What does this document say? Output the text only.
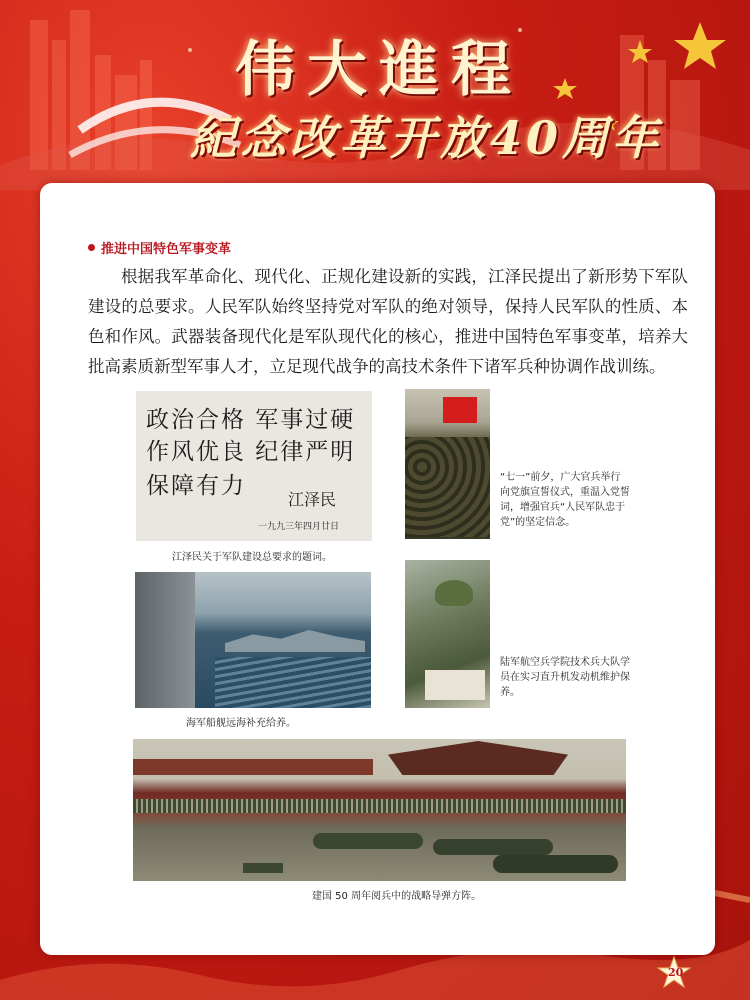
伟大進程
紀念改革开放40周年
推进中国特色军事变革

根据我军革命化、现代化、正规化建设新的实践，江泽民提出了新形势下军队建设的总要求。人民军队始终坚持党对军队的绝对领导，保持人民军队的性质、本色和作风。武器装备现代化是军队现代化的核心，推进中国特色军事变革，培养大批高素质新型军事人才，立足现代战争的高技术条件下诸军兵种协调作战训练。

政治合格 军事过硬
作风优良 纪律严明
保障有力
江泽民
一九九三年四月廿日
江泽民关于军队建设总要求的题词。
“七一”前夕，广大官兵举行向党旗宣誓仪式，重温入党誓词，增强官兵“人民军队忠于党”的坚定信念。
海军船舰远海补充给养。
陆军航空兵学院技术兵大队学员在实习直升机发动机维护保养。
建国 50 周年阅兵中的战略导弹方阵。
20
